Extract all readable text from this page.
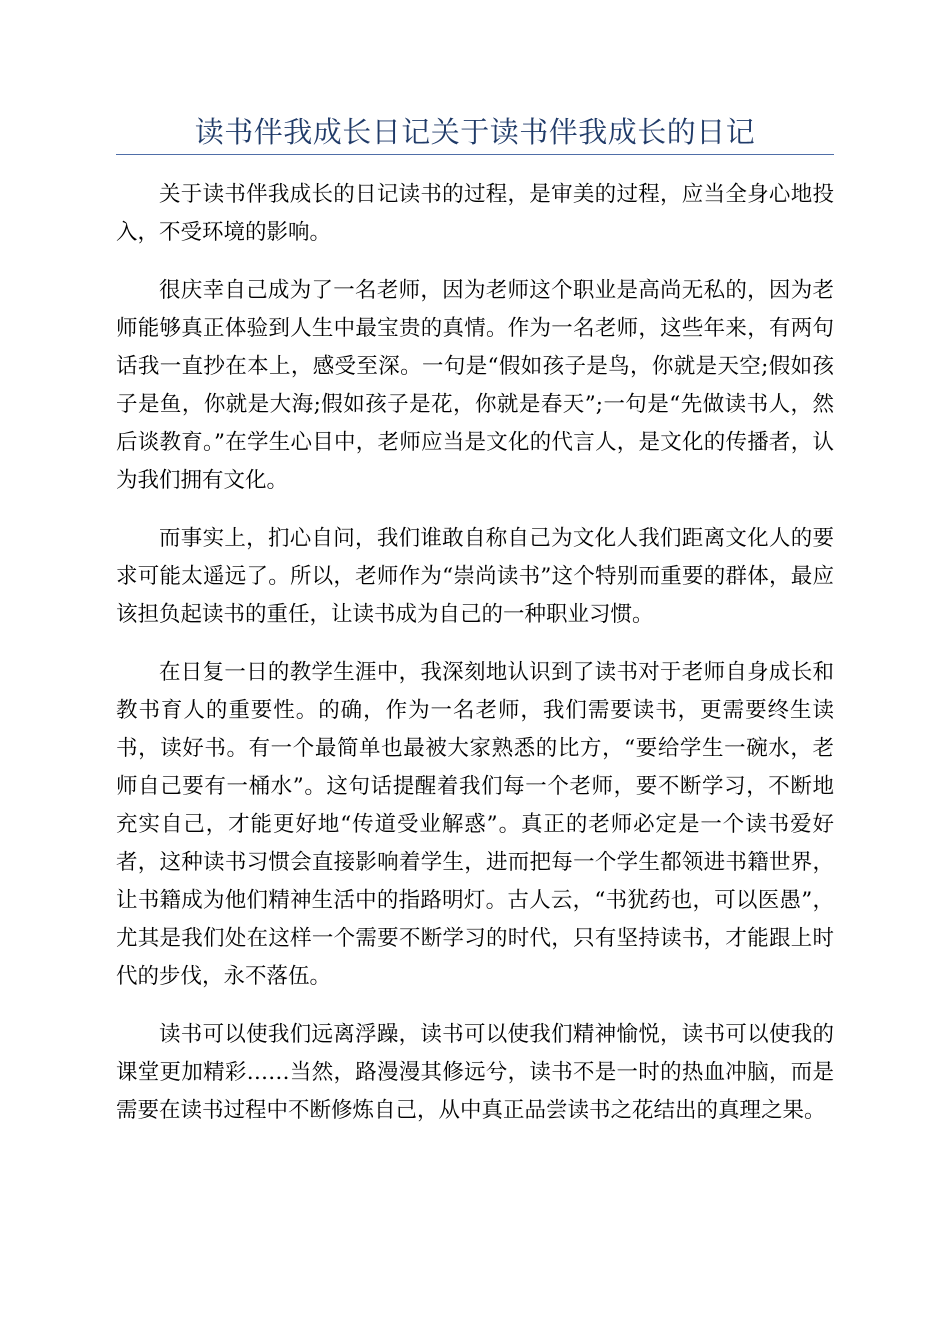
读书伴我成长日记关于读书伴我成长的日记

关于读书伴我成长的日记读书的过程，是审美的过程，应当全身心地投入，不受环境的影响。

很庆幸自己成为了一名老师，因为老师这个职业是高尚无私的，因为老师能够真正体验到人生中最宝贵的真情。作为一名老师，这些年来，有两句话我一直抄在本上，感受至深。一句是“假如孩子是鸟，你就是天空;假如孩子是鱼，你就是大海;假如孩子是花，你就是春天”;一句是“先做读书人，然后谈教育。”在学生心目中，老师应当是文化的代言人，是文化的传播者，认为我们拥有文化。

而事实上，扪心自问，我们谁敢自称自己为文化人我们距离文化人的要求可能太遥远了。所以，老师作为“崇尚读书”这个特别而重要的群体，最应该担负起读书的重任，让读书成为自己的一种职业习惯。

在日复一日的教学生涯中，我深刻地认识到了读书对于老师自身成长和教书育人的重要性。的确，作为一名老师，我们需要读书，更需要终生读书，读好书。有一个最简单也最被大家熟悉的比方，“要给学生一碗水，老师自己要有一桶水”。这句话提醒着我们每一个老师，要不断学习，不断地充实自己，才能更好地“传道受业解惑”。真正的老师必定是一个读书爱好者，这种读书习惯会直接影响着学生，进而把每一个学生都领进书籍世界，让书籍成为他们精神生活中的指路明灯。古人云，“书犹药也，可以医愚”，尤其是我们处在这样一个需要不断学习的时代，只有坚持读书，才能跟上时代的步伐，永不落伍。

读书可以使我们远离浮躁，读书可以使我们精神愉悦，读书可以使我的课堂更加精彩……当然，路漫漫其修远兮，读书不是一时的热血冲脑，而是需要在读书过程中不断修炼自己，从中真正品尝读书之花结出的真理之果。
